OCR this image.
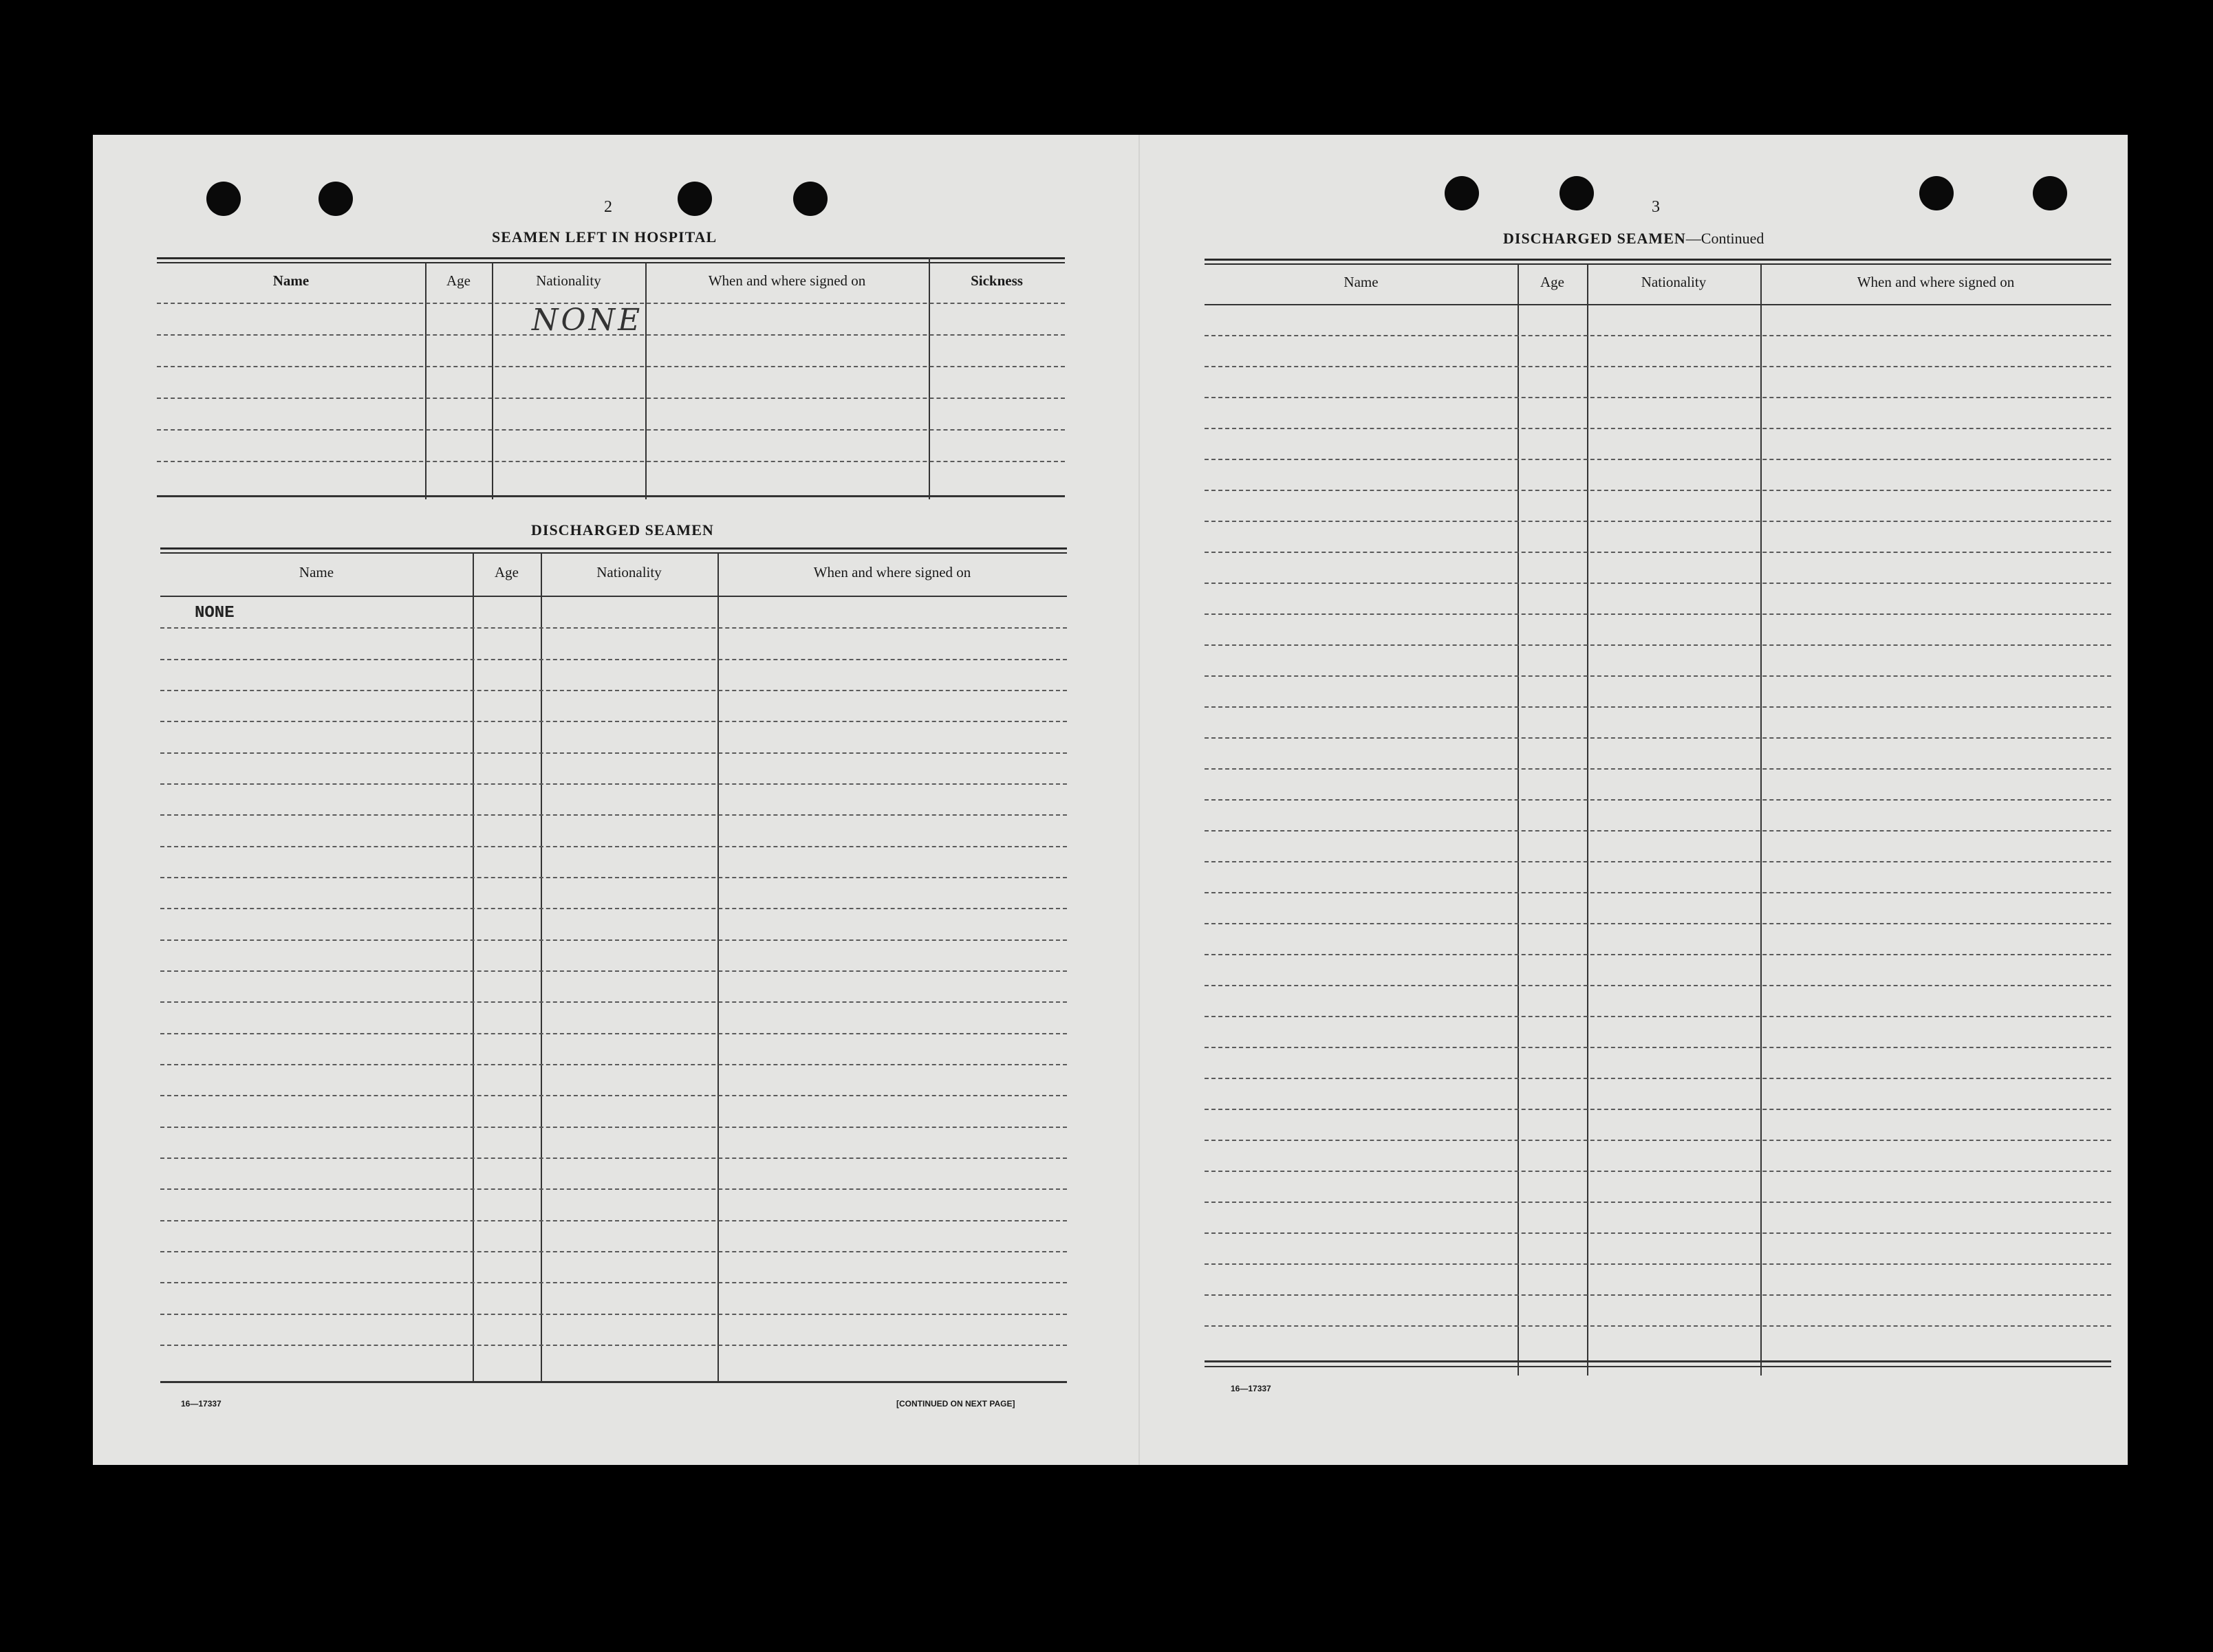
2
SEAMEN LEFT IN HOSPITAL
Name	Age	Nationality	When and where signed on	Sickness
NONE
DISCHARGED SEAMEN
Name	Age	Nationality	When and where signed on
NONE
16—17337	[CONTINUED ON NEXT PAGE]
3
DISCHARGED SEAMEN—Continued
Name	Age	Nationality	When and where signed on
16—17337
